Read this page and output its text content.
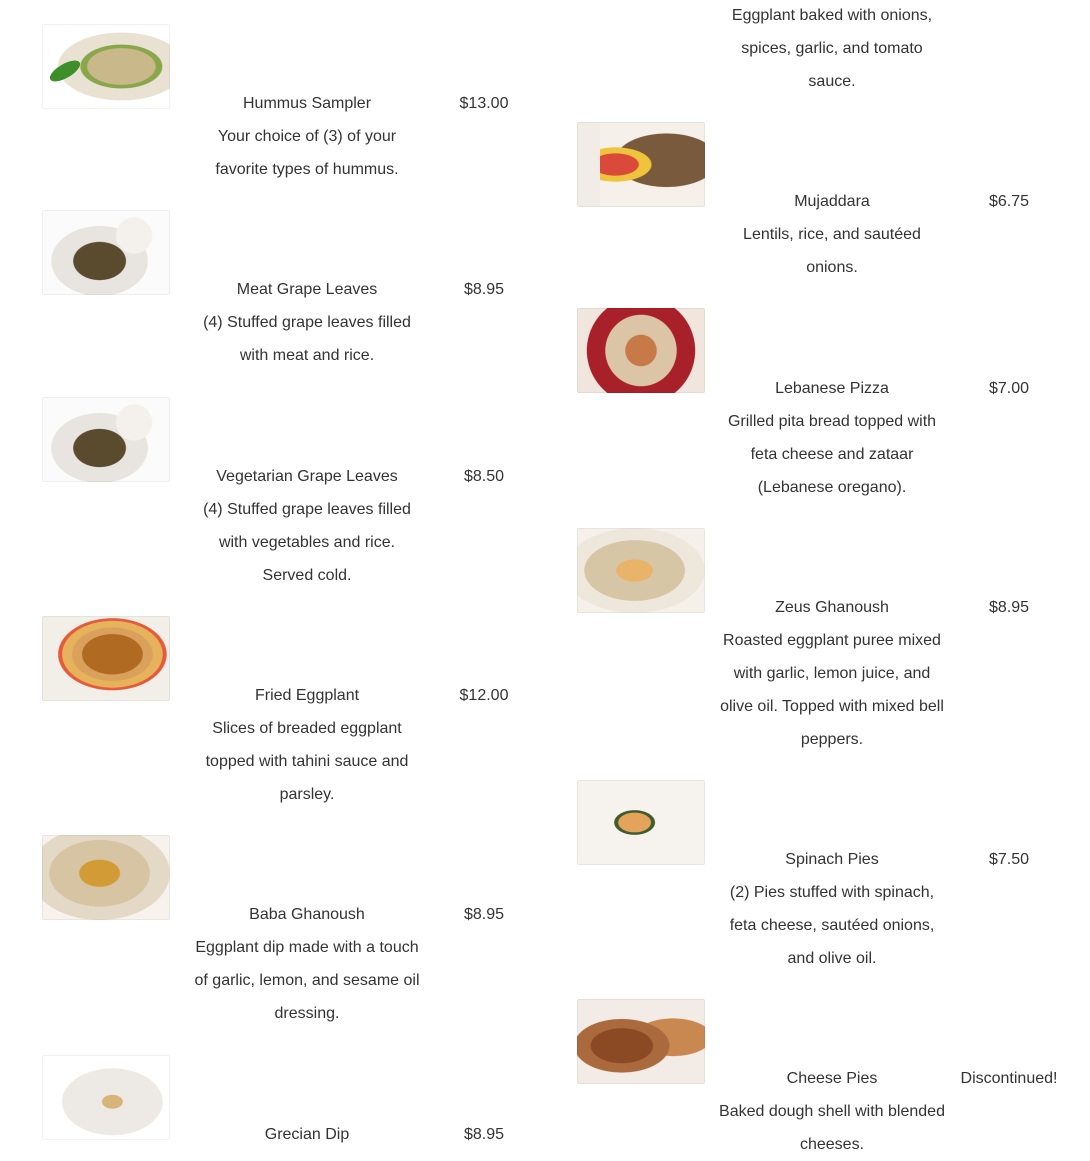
Hummus Sampler
Your choice of (3) of your favorite types of hummus.
$13.00
Meat Grape Leaves
(4) Stuffed grape leaves filled with meat and rice.
$8.95
Vegetarian Grape Leaves
(4) Stuffed grape leaves filled with vegetables and rice. Served cold.
$8.50
Fried Eggplant
Slices of breaded eggplant topped with tahini sauce and parsley.
$12.00
Baba Ghanoush
Eggplant dip made with a touch of garlic, lemon, and sesame oil dressing.
$8.95
Grecian Dip	$8.95
Eggplant baked with onions, spices, garlic, and tomato sauce.
Mujaddara
Lentils, rice, and sautéed onions.
$6.75
Lebanese Pizza
Grilled pita bread topped with feta cheese and zataar (Lebanese oregano).
$7.00
Zeus Ghanoush
Roasted eggplant puree mixed with garlic, lemon juice, and olive oil. Topped with mixed bell peppers.
$8.95
Spinach Pies
(2) Pies stuffed with spinach, feta cheese, sautéed onions, and olive oil.
$7.50
Cheese Pies
Baked dough shell with blended cheeses.
Discontinued!
